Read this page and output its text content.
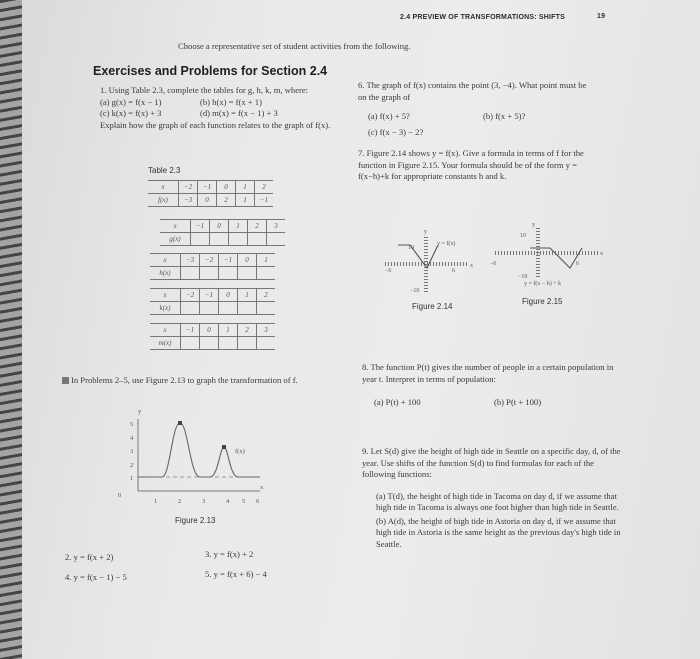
2.4 PREVIEW OF TRANSFORMATIONS: SHIFTS	19
Choose a representative set of student activities from the following.
Exercises and Problems for Section 2.4
1. Using Table 2.3, complete the tables for g, h, k, m, where:
(a) g(x) = f(x − 1)	(b) h(x) = f(x + 1)
(c) k(x) = f(x) + 3	(d) m(x) = f(x − 1) + 3
Explain how the graph of each function relates to the graph of f(x).
Table 2.3
x	−2	−1	0	1	2
f(x)	−3	0	2	1	−1
x	−1	0	1	2	3
g(x)					
x	−3	−2	−1	0	1
h(x)					
x	−2	−1	0	1	2
k(x)					
x	−1	0	1	2	3
m(x)					
In Problems 2–5, use Figure 2.13 to graph the transformation of f.
y
x
f(x)
0
1
2
3
4
5
1	2	3	4 5 6
Figure 2.13
2. y = f(x + 2)	3. y = f(x) + 2
4. y = f(x − 1) − 5	5. y = f(x + 6) − 4
6. The graph of f(x) contains the point (3, −4). What point must be on the graph of
(a) f(x) + 5?	(b) f(x + 5)?
(c) f(x − 3) − 2?
7. Figure 2.14 shows y = f(x). Give a formula in terms of f for the function in Figure 2.15. Your formula should be of the form y = f(x−h)+k for appropriate constants h and k.
y
y = f(x)
10
−10
−6	6
x
Figure 2.14
y
10
−10
−6	6
x
y = f(x − h) + k
Figure 2.15
8. The function P(t) gives the number of people in a certain population in year t. Interpret in terms of population:
(a) P(t) + 100	(b) P(t + 100)
9. Let S(d) give the height of high tide in Seattle on a specific day, d, of the year. Use shifts of the function S(d) to find formulas for each of the following functions:
(a) T(d), the height of high tide in Tacoma on day d, if we assume that high tide in Tacoma is always one foot higher than high tide in Seattle.
(b) A(d), the height of high tide in Astoria on day d, if we assume that high tide in Astoria is the same height as the previous day's high tide in Seattle.
